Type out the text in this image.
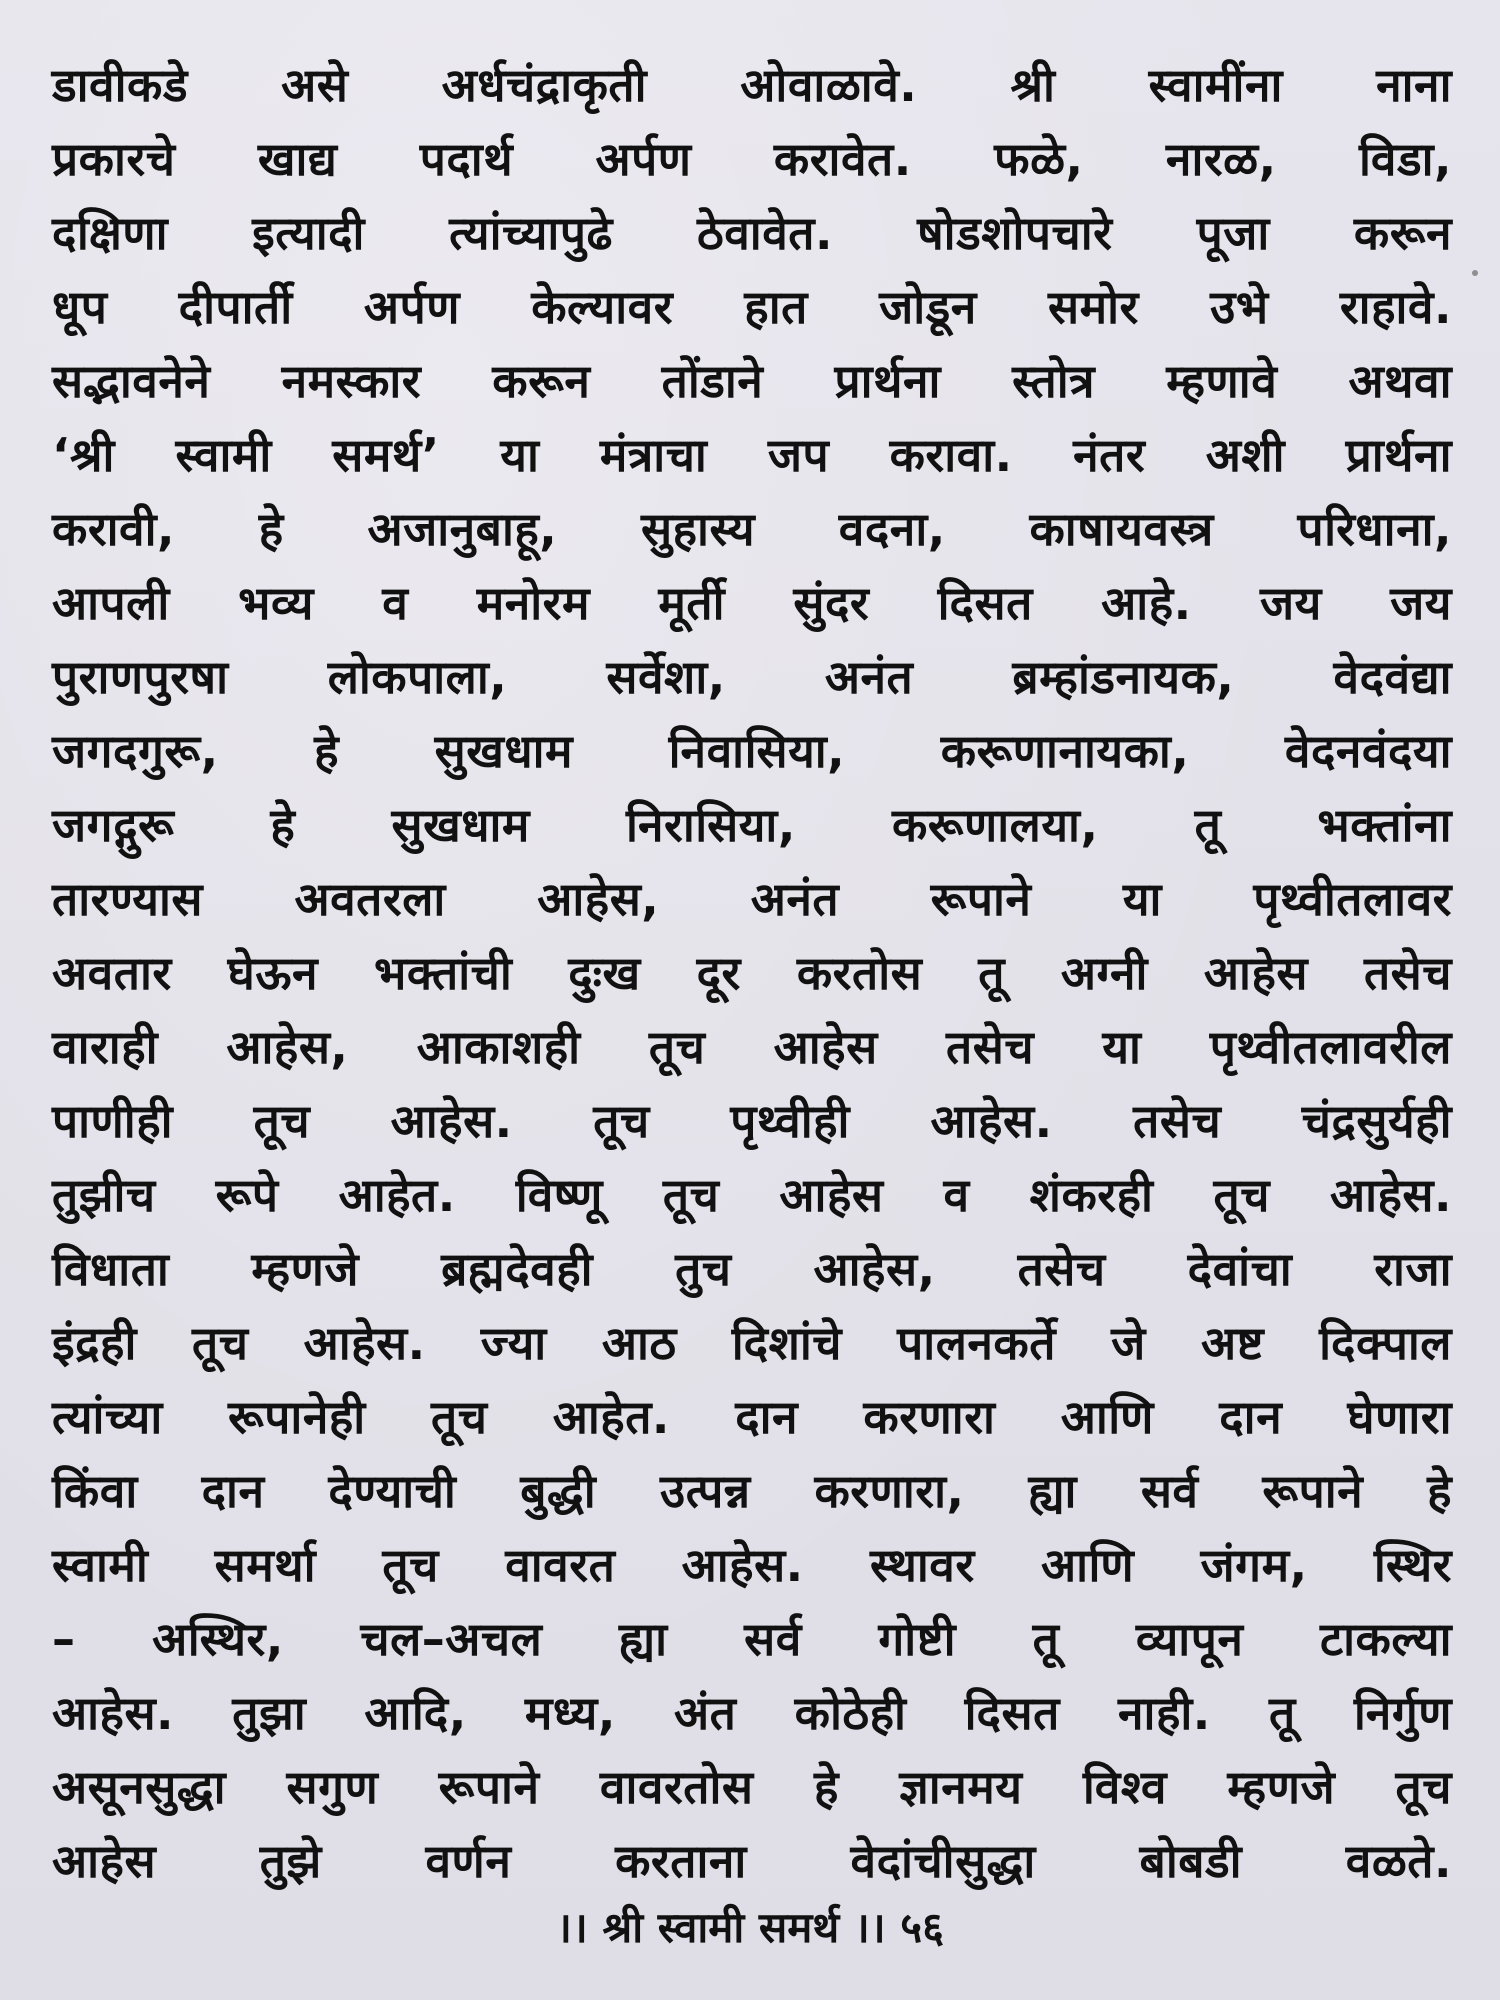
डावीकडे असे अर्धचंद्राकृती ओवाळावे. श्री स्वामींना नाना
प्रकारचे खाद्य पदार्थ अर्पण करावेत. फळे, नारळ, विडा,
दक्षिणा इत्यादी त्यांच्यापुढे ठेवावेत. षोडशोपचारे पूजा करून
धूप दीपार्ती अर्पण केल्यावर हात जोडून समोर उभे राहावे.
सद्भावनेने नमस्कार करून तोंडाने प्रार्थना स्तोत्र म्हणावे अथवा
‘श्री स्वामी समर्थ’ या मंत्राचा जप करावा. नंतर अशी प्रार्थना
करावी, हे अजानुबाहू, सुहास्य वदना, काषायवस्त्र परिधाना,
आपली भव्य व मनोरम मूर्ती सुंदर दिसत आहे. जय जय
पुराणपुरषा लोकपाला, सर्वेशा, अनंत ब्रम्हांडनायक, वेदवंद्या
जगदगुरू, हे सुखधाम निवासिया, करूणानायका, वेदनवंदया
जगद्गुरू हे सुखधाम निरासिया, करूणालया, तू भक्तांना
तारण्यास अवतरला आहेस, अनंत रूपाने या पृथ्वीतलावर
अवतार घेऊन भक्तांची दुःख दूर करतोस तू अग्नी आहेस तसेच
वाराही आहेस, आकाशही तूच आहेस तसेच या पृथ्वीतलावरील
पाणीही तूच आहेस. तूच पृथ्वीही आहेस. तसेच चंद्रसुर्यही
तुझीच रूपे आहेत. विष्णू तूच आहेस व शंकरही तूच आहेस.
विधाता म्हणजे ब्रह्मदेवही तुच आहेस, तसेच देवांचा राजा
इंद्रही तूच आहेस. ज्या आठ दिशांचे पालनकर्ते जे अष्ट दिक्पाल
त्यांच्या रूपानेही तूच आहेत. दान करणारा आणि दान घेणारा
किंवा दान देण्याची बुद्धी उत्पन्न करणारा, ह्या सर्व रूपाने हे
स्वामी समर्था तूच वावरत आहेस. स्थावर आणि जंगम, स्थिर
– अस्थिर, चल–अचल ह्या सर्व गोष्टी तू व्यापून टाकल्या
आहेस. तुझा आदि, मध्य, अंत कोठेही दिसत नाही. तू निर्गुण
असूनसुद्धा सगुण रूपाने वावरतोस हे ज्ञानमय विश्व म्हणजे तूच
आहेस तुझे वर्णन करताना वेदांचीसुद्धा बोबडी वळते.
।। श्री स्वामी समर्थ ।। ५६
